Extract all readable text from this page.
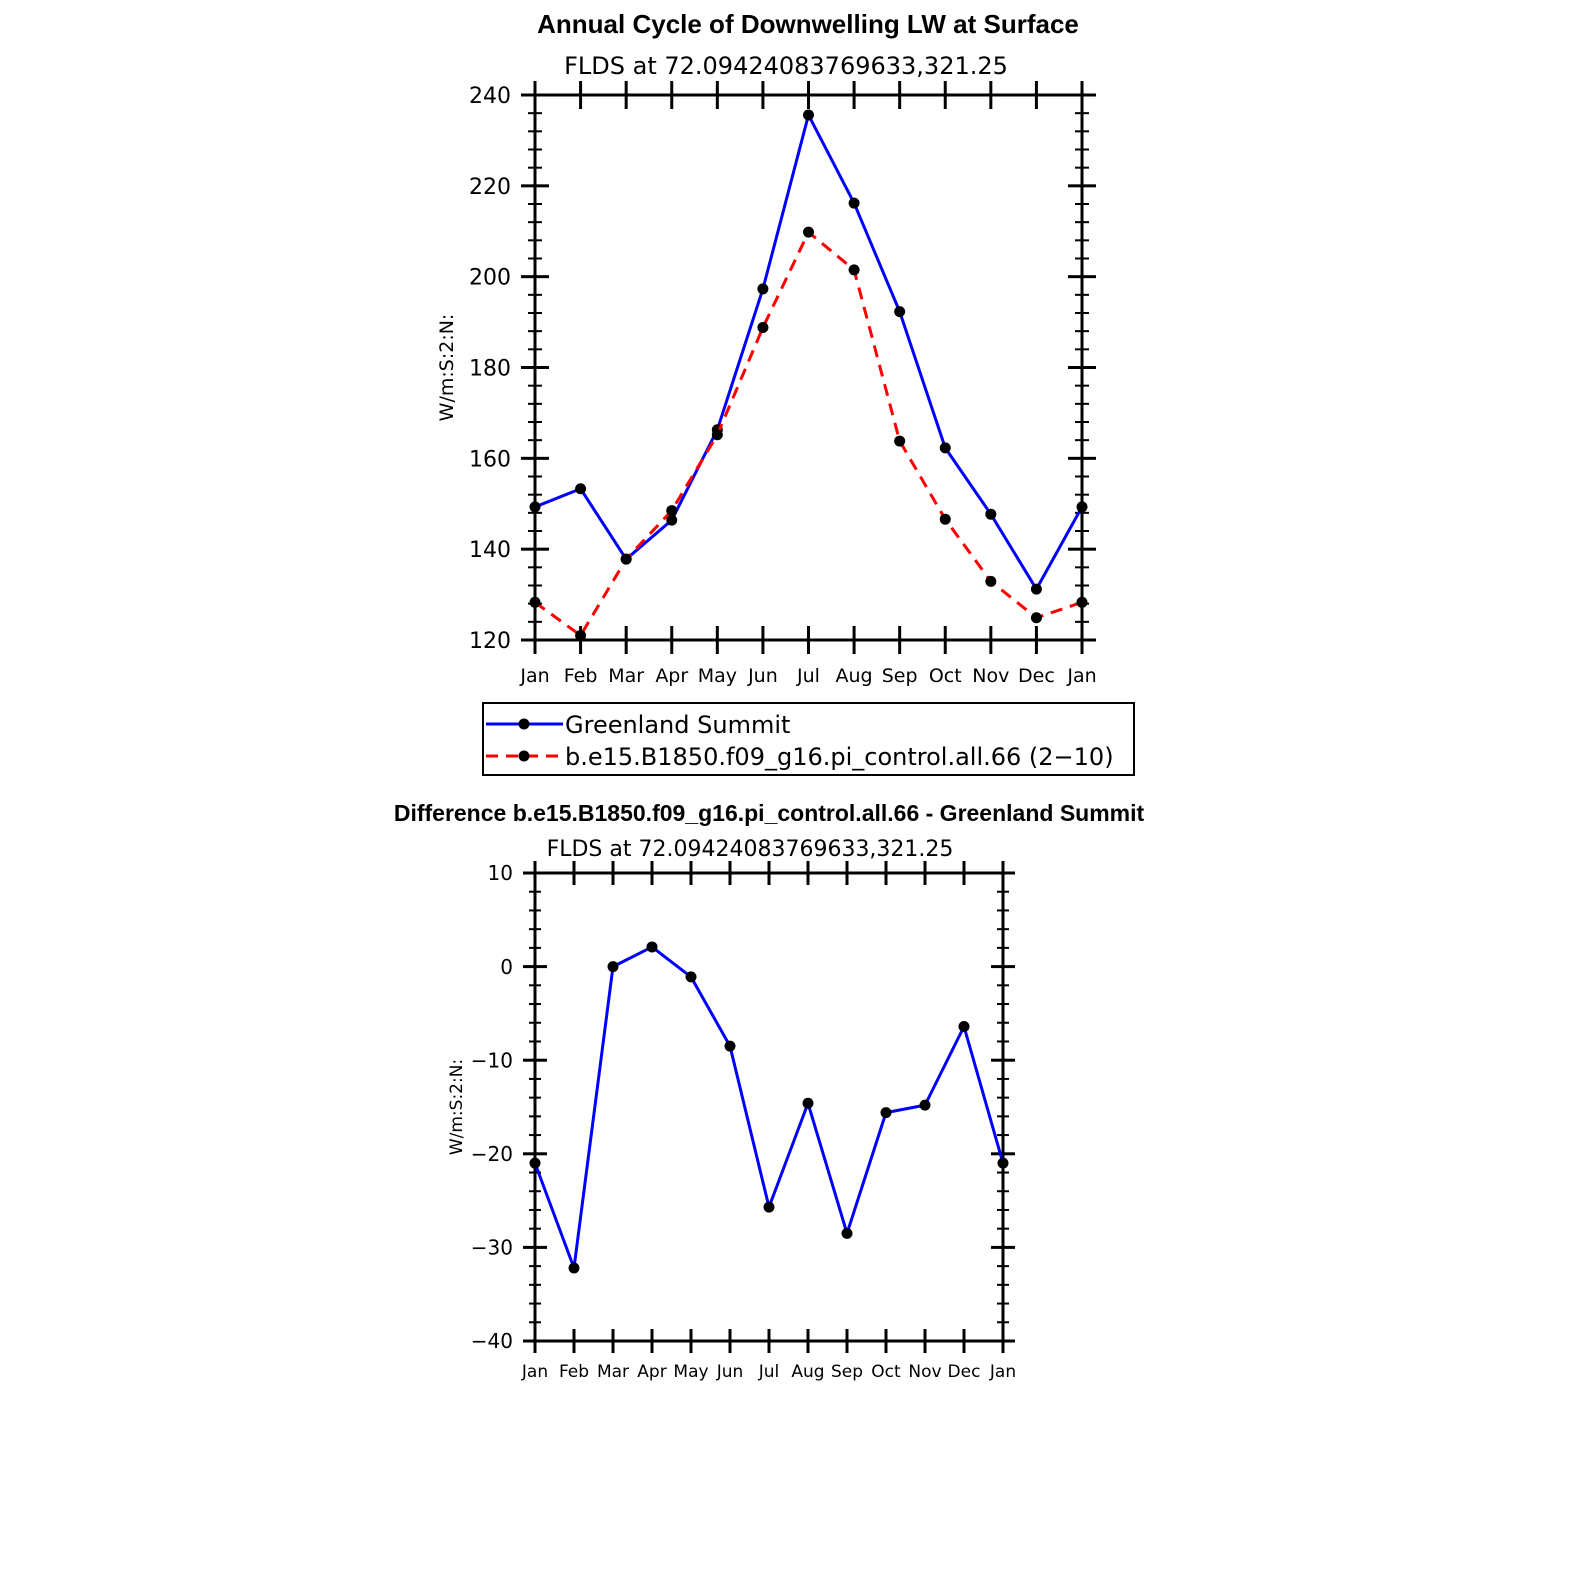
Annual Cycle of Downwelling LW at Surface
FLDS at 72.09424083769633,321.25
120
140
160
180
200
220
240
Jan Feb Mar Apr May Jun Jul Aug Sep Oct Nov Dec Jan
W/m:S:2:N:
Greenland Summit
b.e15.B1850.f09_g16.pi_control.all.66 (2−10)
Difference b.e15.B1850.f09_g16.pi_control.all.66 - Greenland Summit
FLDS at 72.09424083769633,321.25
−40
−30
−20
−10
0
10
Jan Feb Mar Apr May Jun Jul Aug Sep Oct Nov Dec Jan
W/m:S:2:N:
